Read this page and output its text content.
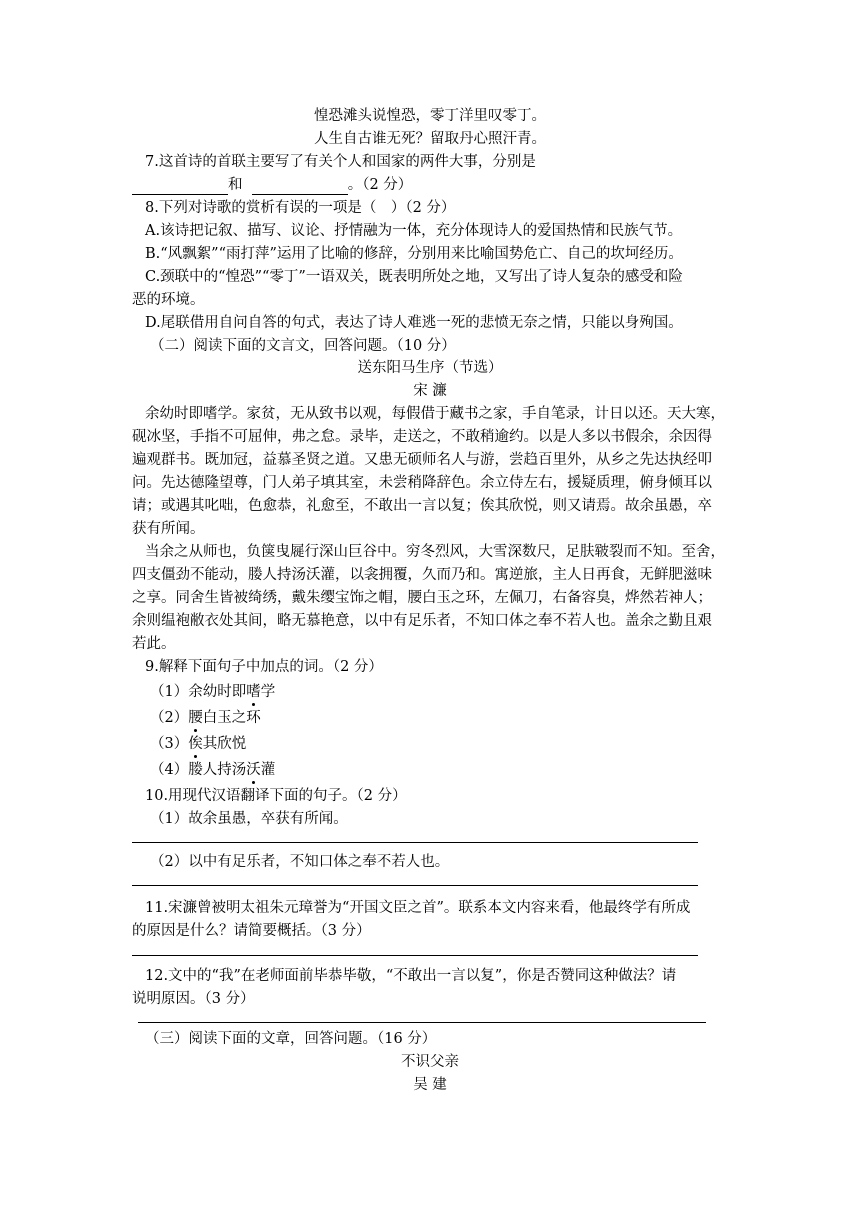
惶恐滩头说惶恐，零丁洋里叹零丁。
人生自古谁无死？留取丹心照汗青。
7.这首诗的首联主要写了有关个人和国家的两件大事，分别是
和	。（2 分）
8.下列对诗歌的赏析有误的一项是（　）（2 分）
A.该诗把记叙、描写、议论、抒情融为一体，充分体现诗人的爱国热情和民族气节。
B.“风飘絮”“雨打萍”运用了比喻的修辞，分别用来比喻国势危亡、自己的坎坷经历。
C.颈联中的“惶恐”“零丁”一语双关，既表明所处之地，又写出了诗人复杂的感受和险
恶的环境。
D.尾联借用自问自答的句式，表达了诗人难逃一死的悲愤无奈之情，只能以身殉国。
（二）阅读下面的文言文，回答问题。（10 分）
送东阳马生序（节选）
宋 濂
余幼时即嗜学。家贫，无从致书以观，每假借于藏书之家，手自笔录，计日以还。天大寒，
砚冰坚，手指不可屈伸，弗之怠。录毕，走送之，不敢稍逾约。以是人多以书假余，余因得
遍观群书。既加冠，益慕圣贤之道。又患无硕师名人与游，尝趋百里外，从乡之先达执经叩
问。先达德隆望尊，门人弟子填其室，未尝稍降辞色。余立侍左右，援疑质理，俯身倾耳以
请；或遇其叱咄，色愈恭，礼愈至，不敢出一言以复；俟其欣悦，则又请焉。故余虽愚，卒
获有所闻。
当余之从师也，负箧曳屣行深山巨谷中。穷冬烈风，大雪深数尺，足肤皲裂而不知。至舍，
四支僵劲不能动，媵人持汤沃灌，以衾拥覆，久而乃和。寓逆旅，主人日再食，无鲜肥滋味
之享。同舍生皆被绮绣，戴朱缨宝饰之帽，腰白玉之环，左佩刀，右备容臭，烨然若神人；
余则缊袍敝衣处其间，略无慕艳意，以中有足乐者，不知口体之奉不若人也。盖余之勤且艰
若此。
9.解释下面句子中加点的词。（2 分）
（1）余幼时即嗜学
（2）腰白玉之环
（3）俟其欣悦
（4）媵人持汤沃灌
10.用现代汉语翻译下面的句子。（2 分）
（1）故余虽愚，卒获有所闻。
（2）以中有足乐者，不知口体之奉不若人也。
11.宋濂曾被明太祖朱元璋誉为“开国文臣之首”。联系本文内容来看，他最终学有所成
的原因是什么？请简要概括。（3 分）
12.文中的“我”在老师面前毕恭毕敬，“不敢出一言以复”，你是否赞同这种做法？请
说明原因。（3 分）
（三）阅读下面的文章，回答问题。（16 分）
不识父亲
吴 建
